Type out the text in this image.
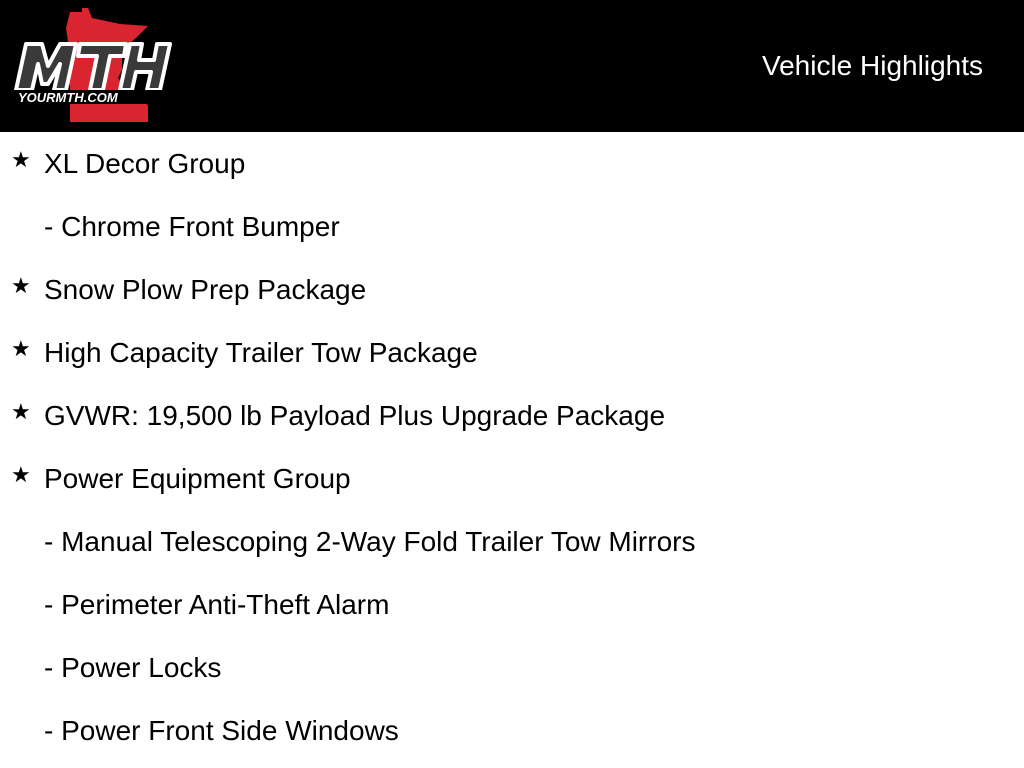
YOURMTH.COM
Vehicle Highlights
★ XL Decor Group
- Chrome Front Bumper
★ Snow Plow Prep Package
★ High Capacity Trailer Tow Package
★ GVWR: 19,500 lb Payload Plus Upgrade Package
★ Power Equipment Group
- Manual Telescoping 2-Way Fold Trailer Tow Mirrors
- Perimeter Anti-Theft Alarm
- Power Locks
- Power Front Side Windows
